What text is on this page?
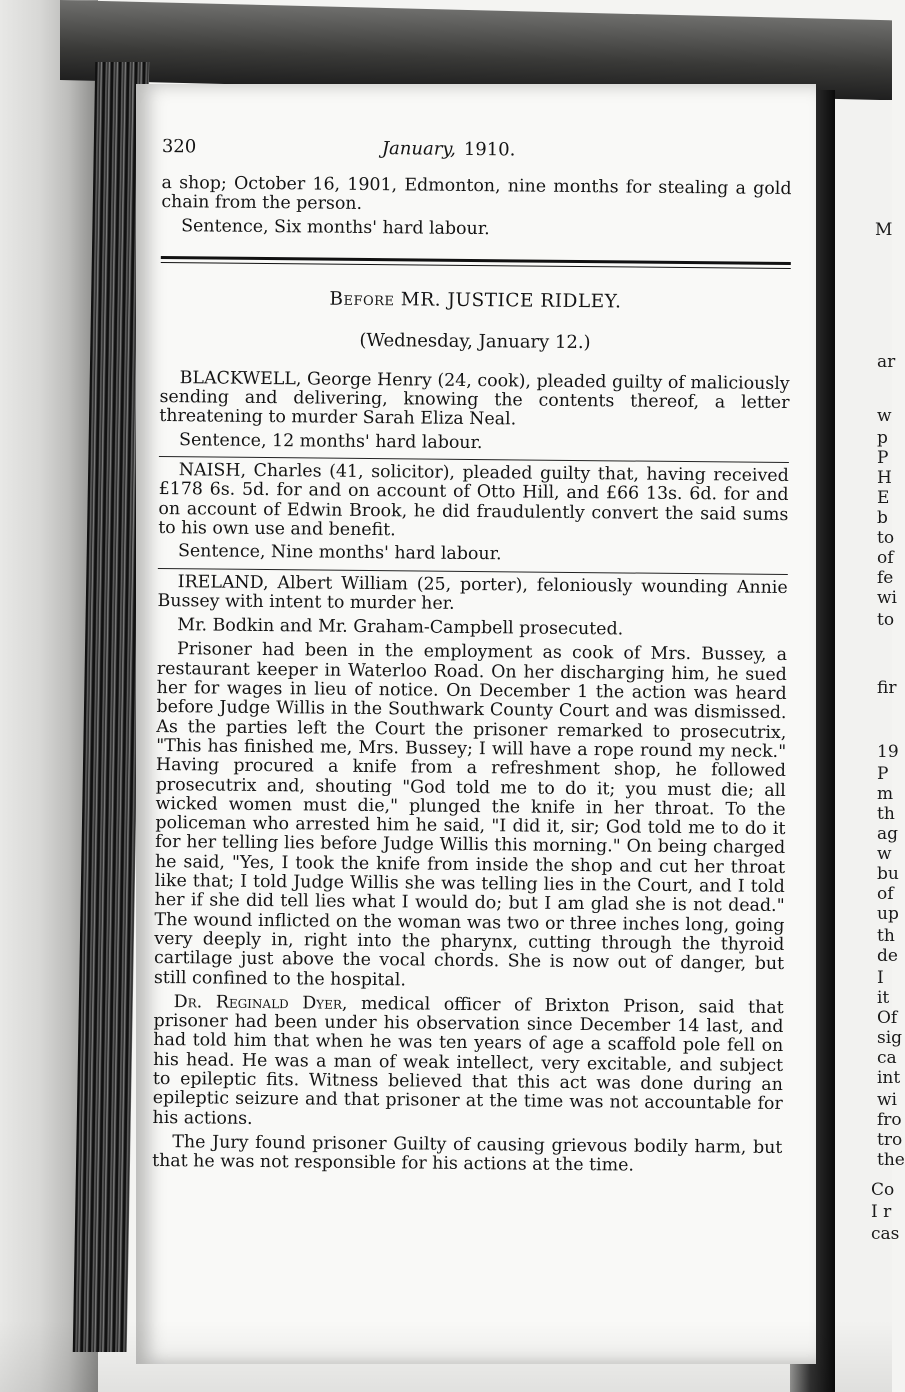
M
ar
w
p
P
H
E
b
to
of
fe
wi
to
fir
19
P
m
th
ag
w
bu
of
up
th
de
I
it
Of
sig
ca
int
wi
fro
tro
the
Co
I r
cas
320	January, 1910.

a shop; October 16, 1901, Edmonton, nine months for stealing a gold chain from the person.

Sentence, Six months' hard labour.

Before MR. JUSTICE RIDLEY.
(Wednesday, January 12.)

BLACKWELL, George Henry (24, cook), pleaded guilty of maliciously sending and delivering, knowing the contents thereof, a letter threatening to murder Sarah Eliza Neal.

Sentence, 12 months' hard labour.

NAISH, Charles (41, solicitor), pleaded guilty that, having received £178 6s. 5d. for and on account of Otto Hill, and £66 13s. 6d. for and on account of Edwin Brook, he did fraudulently convert the said sums to his own use and benefit.

Sentence, Nine months' hard labour.

IRELAND, Albert William (25, porter), feloniously wounding Annie Bussey with intent to murder her.

Mr. Bodkin and Mr. Graham-Campbell prosecuted.

Prisoner had been in the employment as cook of Mrs. Bussey, a restaurant keeper in Waterloo Road. On her discharging him, he sued her for wages in lieu of notice. On December 1 the action was heard before Judge Willis in the Southwark County Court and was dismissed. As the parties left the Court the prisoner remarked to prosecutrix, "This has finished me, Mrs. Bussey; I will have a rope round my neck." Having procured a knife from a refreshment shop, he followed prosecutrix and, shouting "God told me to do it; you must die; all wicked women must die," plunged the knife in her throat. To the policeman who arrested him he said, "I did it, sir; God told me to do it for her telling lies before Judge Willis this morning." On being charged he said, "Yes, I took the knife from inside the shop and cut her throat like that; I told Judge Willis she was telling lies in the Court, and I told her if she did tell lies what I would do; but I am glad she is not dead." The wound inflicted on the woman was two or three inches long, going very deeply in, right into the pharynx, cutting through the thyroid cartilage just above the vocal chords. She is now out of danger, but still confined to the hospital.

Dr. Reginald Dyer, medical officer of Brixton Prison, said that prisoner had been under his observation since December 14 last, and had told him that when he was ten years of age a scaffold pole fell on his head. He was a man of weak intellect, very excitable, and subject to epileptic fits. Witness believed that this act was done during an epileptic seizure and that prisoner at the time was not accountable for his actions.

The Jury found prisoner Guilty of causing grievous bodily harm, but that he was not responsible for his actions at the time.
